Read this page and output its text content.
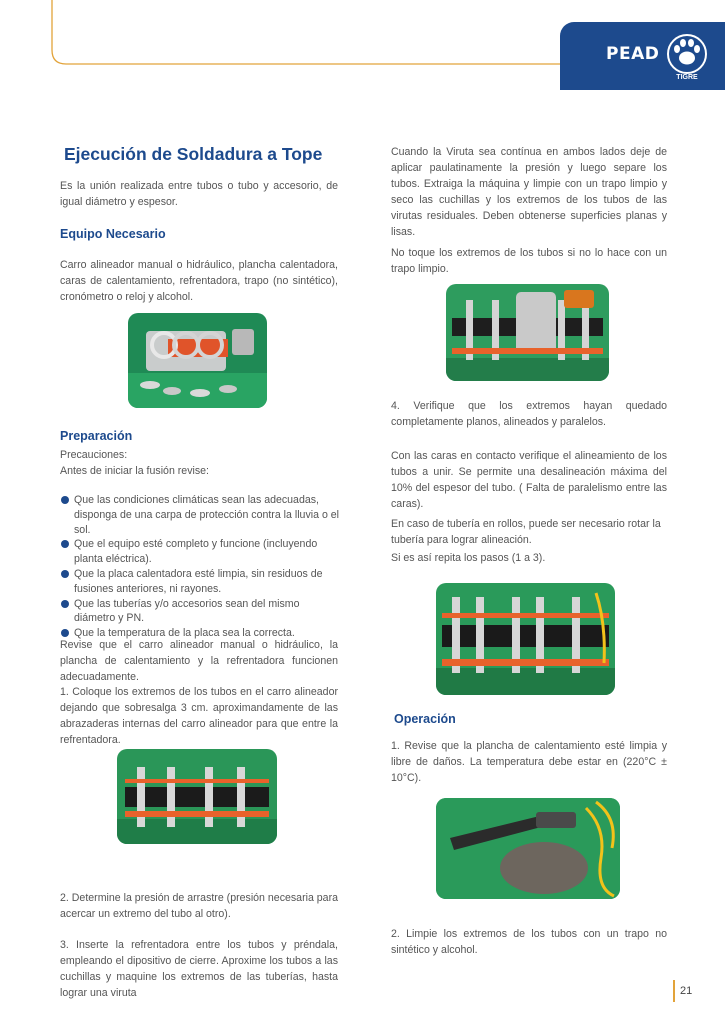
PEAD
TIGRE
Ejecución de Soldadura a Tope
Es la unión realizada entre tubos o tubo y accesorio, de igual diámetro y espesor.
Equipo Necesario
Carro alineador manual o hidráulico, plancha calentadora, caras de calentamiento, refrentadora, trapo (no sintético), cronómetro o reloj y alcohol.
Preparación
Precauciones:
Antes de iniciar la fusión revise:
Que las condiciones climáticas sean las adecuadas, disponga de una carpa de protección contra la lluvia o el sol.
Que el equipo esté completo y funcione (incluyendo planta eléctrica).
Que la placa calentadora esté limpia, sin residuos de fusiones anteriores, ni rayones.
Que las tuberías y/o accesorios sean del mismo diámetro y PN.
Que la temperatura de la placa sea la correcta.
Revise que el carro alineador manual o hidráulico, la plancha de calentamiento y la refrentadora funcionen adecuadamente.
1. Coloque los extremos de los tubos en el carro alineador dejando que sobresalga 3 cm. aproximandamente de las abrazaderas internas del carro alineador para que entre la refrentadora.
2. Determine la presión de arrastre (presión necesaria para acercar un extremo del tubo al otro).
3. Inserte la refrentadora entre los tubos y préndala, empleando el dipositivo de cierre. Aproxime los tubos a las cuchillas y maquine los extremos de las tuberías, hasta lograr una viruta
Cuando la Viruta sea contínua en ambos lados deje de aplicar paulatinamente la presión y luego separe los tubos. Extraiga la máquina y limpie con un trapo limpio y seco las cuchillas y los extremos de los tubos de las virutas residuales. Deben obtenerse superficies planas y lisas.
No toque los extremos de los tubos si no lo hace con un trapo limpio.
4. Verifique que los extremos hayan quedado completamente planos, alineados y paralelos.
Con las caras en contacto verifique el alineamiento de los tubos a unir. Se permite una desalineación máxima del 10% del espesor del tubo. ( Falta de paralelismo entre las caras).
En caso de tubería en rollos, puede ser necesario rotar la tubería para lograr alineación.
Si es así repita los pasos (1 a 3).
Operación
1. Revise que la plancha de calentamiento esté limpia y libre de daños. La temperatura debe estar en (220°C ± 10°C).
2. Limpie los extremos de los tubos con un trapo no sintético y alcohol.
21
